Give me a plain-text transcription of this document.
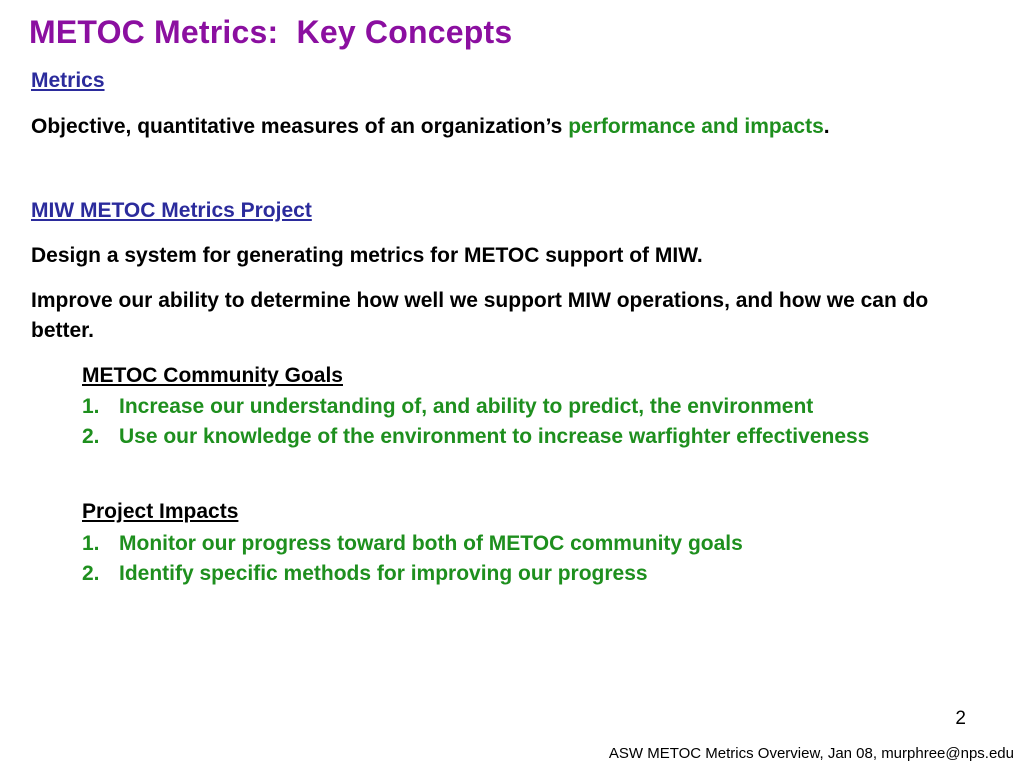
METOC Metrics:  Key Concepts
Metrics
Objective, quantitative measures of an organization’s performance and impacts.
MIW METOC Metrics Project
Design a system for generating metrics for METOC support of MIW.
Improve our ability to determine how well we support MIW operations, and how we can do better.
METOC Community Goals
1. Increase our understanding of, and ability to predict, the environment
2. Use our knowledge of the environment to increase warfighter effectiveness
Project Impacts
1. Monitor our progress toward both of METOC community goals
2. Identify specific methods for improving our progress
2
ASW METOC Metrics Overview, Jan 08, murphree@nps.edu
